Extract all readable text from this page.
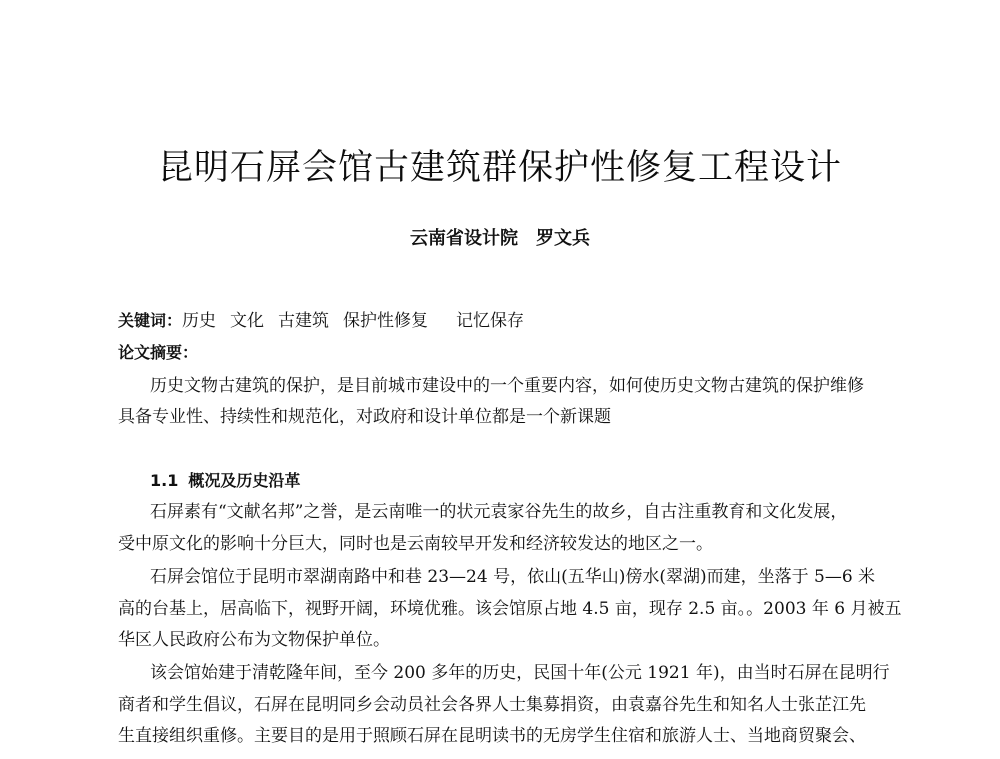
昆明石屏会馆古建筑群保护性修复工程设计
云南省设计院 罗文兵
关键词：历史 文化 古建筑 保护性修复 记忆保存
论文摘要：
历史文物古建筑的保护，是目前城市建设中的一个重要内容，如何使历史文物古建筑的保护维修
具备专业性、持续性和规范化，对政府和设计单位都是一个新课题
1.1 概况及历史沿革
石屏素有“文献名邦”之誉，是云南唯一的状元袁家谷先生的故乡，自古注重教育和文化发展，
受中原文化的影响十分巨大，同时也是云南较早开发和经济较发达的地区之一。
石屏会馆位于昆明市翠湖南路中和巷 23—24 号，依山(五华山)傍水(翠湖)而建，坐落于 5—6 米
高的台基上，居高临下，视野开阔，环境优雅。该会馆原占地 4.5 亩，现存 2.5 亩。。2003 年 6 月被五
华区人民政府公布为文物保护单位。
该会馆始建于清乾隆年间，至今 200 多年的历史，民国十年(公元 1921 年)，由当时石屏在昆明行
商者和学生倡议，石屏在昆明同乡会动员社会各界人士集募捐资，由袁嘉谷先生和知名人士张芷江先
生直接组织重修。主要目的是用于照顾石屏在昆明读书的无房学生住宿和旅游人士、当地商贸聚会、
